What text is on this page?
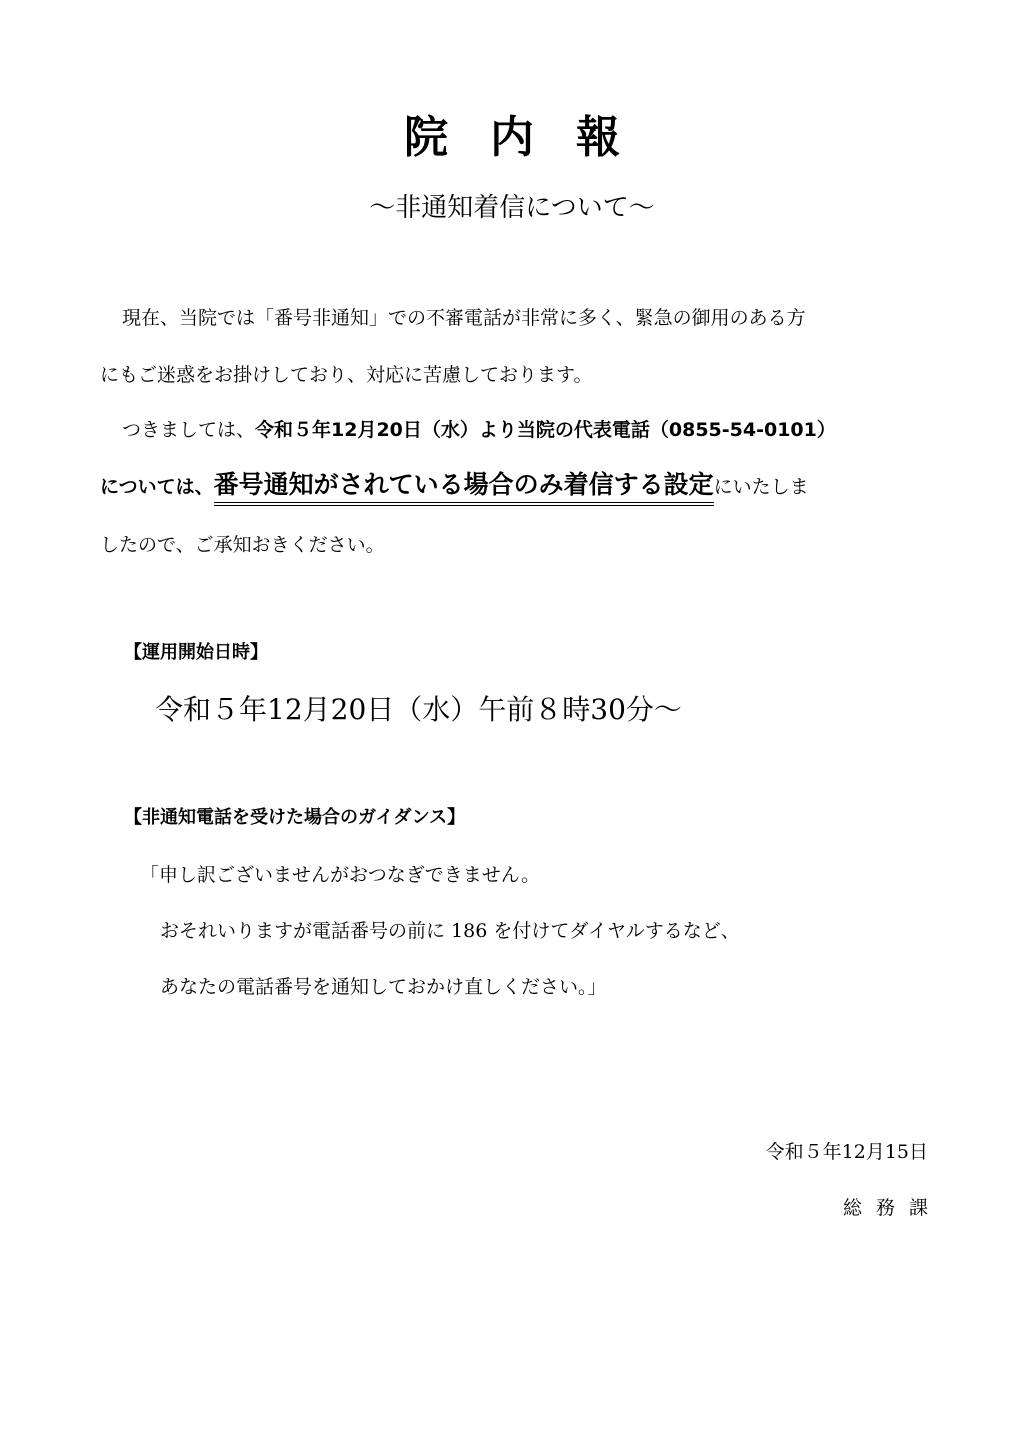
院内報
～非通知着信について～
現在、当院では「番号非通知」での不審電話が非常に多く、緊急の御用のある方
にもご迷惑をお掛けしており、対応に苦慮しております。
つきましては、令和５年12月20日（水）より当院の代表電話（0855-54-0101）
については、番号通知がされている場合のみ着信する設定にいたしま
したので、ご承知おきください。
【運用開始日時】
令和５年12月20日（水）午前８時30分～
【非通知電話を受けた場合のガイダンス】
「申し訳ございませんがおつなぎできません。
おそれいりますが電話番号の前に 186 を付けてダイヤルするなど、
あなたの電話番号を通知しておかけ直しください。」
令和５年12月15日
総務課
